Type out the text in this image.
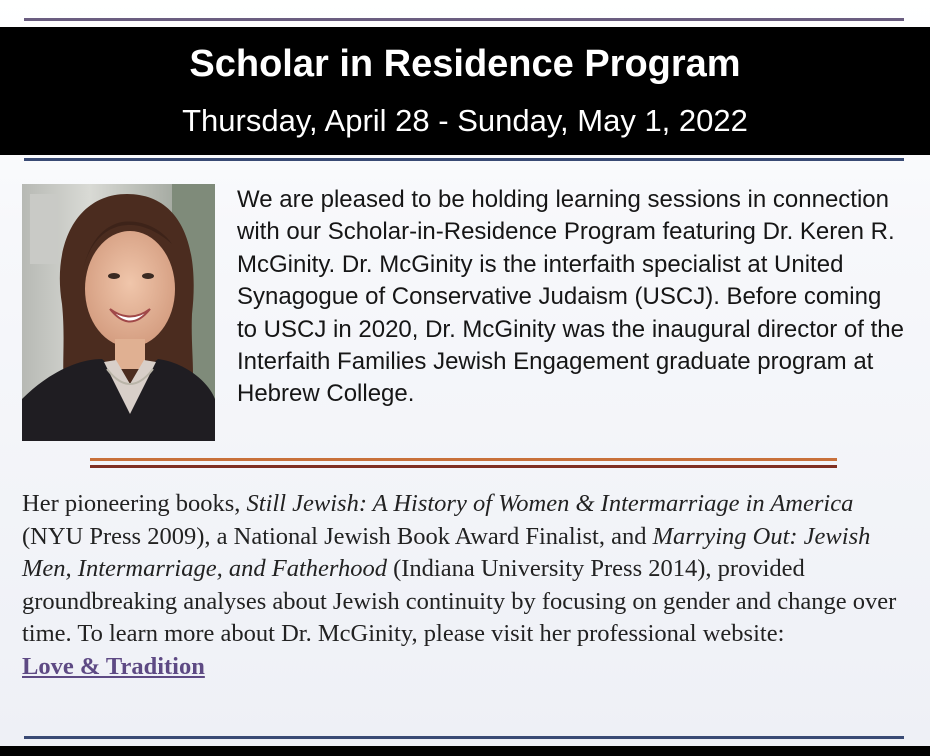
Scholar in Residence Program
Thursday, April 28 - Sunday, May 1, 2022
We are pleased to be holding learning sessions in connection with our Scholar-in-Residence Program featuring Dr. Keren R. McGinity. Dr. McGinity is the interfaith specialist at United Synagogue of Conservative Judaism (USCJ). Before coming to USCJ in 2020, Dr. McGinity was the inaugural director of the Interfaith Families Jewish Engagement graduate program at Hebrew College.
Her pioneering books, Still Jewish: A History of Women & Intermarriage in America (NYU Press 2009), a National Jewish Book Award Finalist, and Marrying Out: Jewish Men, Intermarriage, and Fatherhood (Indiana University Press 2014), provided groundbreaking analyses about Jewish continuity by focusing on gender and change over time. To learn more about Dr. McGinity, please visit her professional website:
Love & Tradition
